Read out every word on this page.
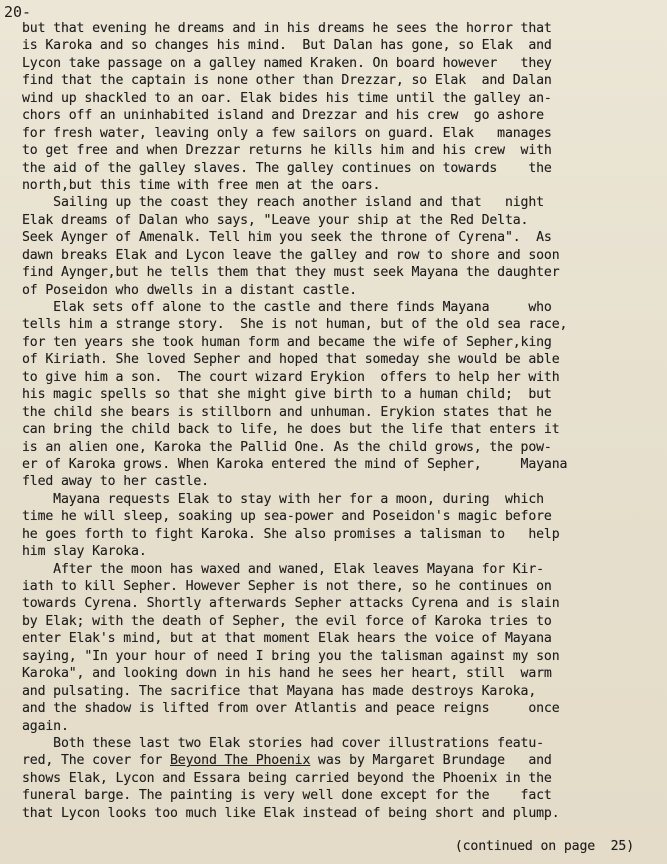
20-
but that evening he dreams and in his dreams he sees the horror that
is Karoka and so changes his mind.  But Dalan has gone, so Elak  and
Lycon take passage on a galley named Kraken. On board however   they
find that the captain is none other than Drezzar, so Elak  and Dalan
wind up shackled to an oar. Elak bides his time until the galley an-
chors off an uninhabited island and Drezzar and his crew  go ashore
for fresh water, leaving only a few sailors on guard. Elak   manages
to get free and when Drezzar returns he kills him and his crew  with
the aid of the galley slaves. The galley continues on towards    the
north,but this time with free men at the oars.
Sailing up the coast they reach another island and that   night
Elak dreams of Dalan who says, "Leave your ship at the Red Delta.
Seek Aynger of Amenalk. Tell him you seek the throne of Cyrena".  As
dawn breaks Elak and Lycon leave the galley and row to shore and soon
find Aynger,but he tells them that they must seek Mayana the daughter
of Poseidon who dwells in a distant castle.
Elak sets off alone to the castle and there finds Mayana     who
tells him a strange story.  She is not human, but of the old sea race,
for ten years she took human form and became the wife of Sepher,king
of Kiriath. She loved Sepher and hoped that someday she would be able
to give him a son.  The court wizard Erykion  offers to help her with
his magic spells so that she might give birth to a human child;  but
the child she bears is stillborn and unhuman. Erykion states that he
can bring the child back to life, he does but the life that enters it
is an alien one, Karoka the Pallid One. As the child grows, the pow-
er of Karoka grows. When Karoka entered the mind of Sepher,     Mayana
fled away to her castle.
Mayana requests Elak to stay with her for a moon, during  which
time he will sleep, soaking up sea-power and Poseidon's magic before
he goes forth to fight Karoka. She also promises a talisman to   help
him slay Karoka.
After the moon has waxed and waned, Elak leaves Mayana for Kir-
iath to kill Sepher. However Sepher is not there, so he continues on
towards Cyrena. Shortly afterwards Sepher attacks Cyrena and is slain
by Elak; with the death of Sepher, the evil force of Karoka tries to
enter Elak's mind, but at that moment Elak hears the voice of Mayana
saying, "In your hour of need I bring you the talisman against my son
Karoka", and looking down in his hand he sees her heart, still  warm
and pulsating. The sacrifice that Mayana has made destroys Karoka,
and the shadow is lifted from over Atlantis and peace reigns     once
again.
Both these last two Elak stories had cover illustrations featu-
red, The cover for Beyond The Phoenix was by Margaret Brundage   and
shows Elak, Lycon and Essara being carried beyond the Phoenix in the
funeral barge. The painting is very well done except for the    fact
that Lycon looks too much like Elak instead of being short and plump.
(continued on page  25)
